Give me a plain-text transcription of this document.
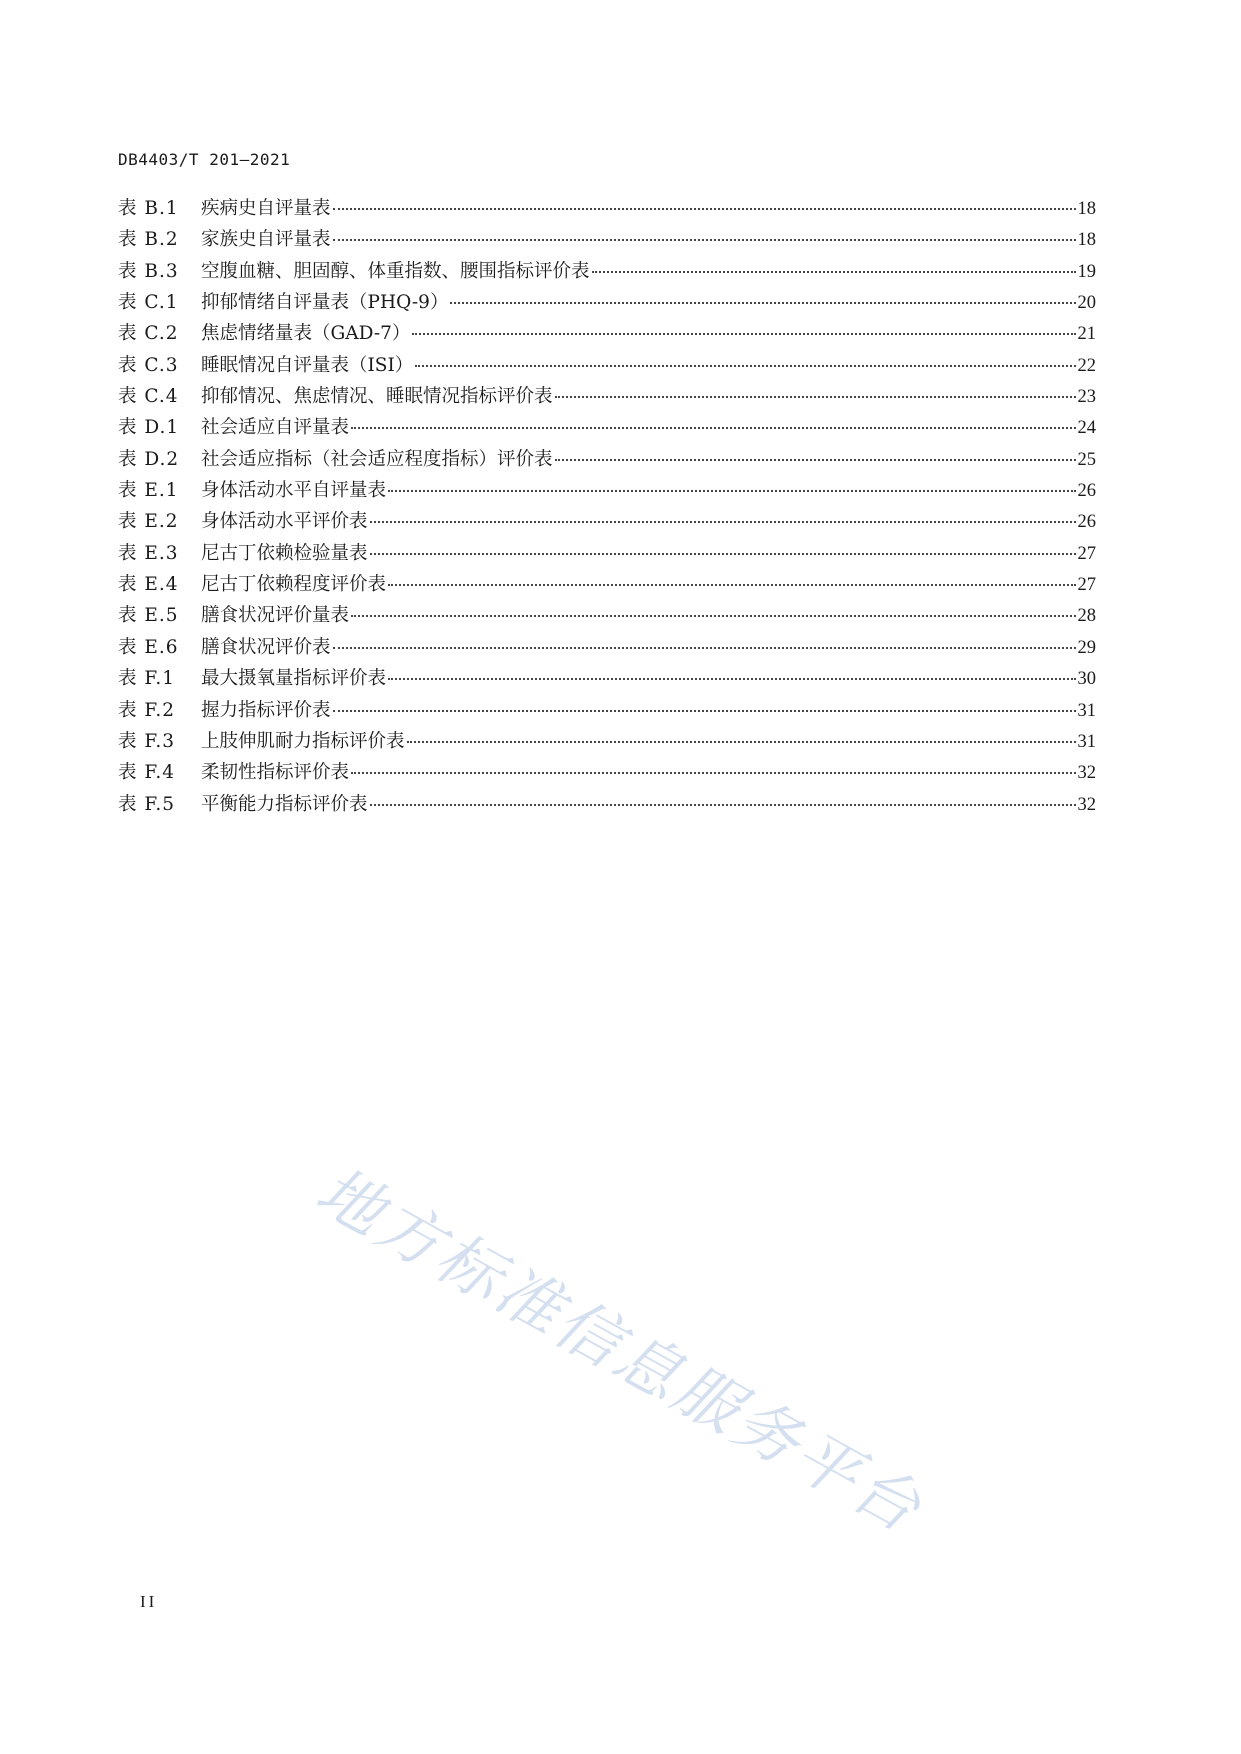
DB4403/T 201—2021
表 B.1	疾病史自评量表	18
表 B.2	家族史自评量表	18
表 B.3	空腹血糖、胆固醇、体重指数、腰围指标评价表	19
表 C.1	抑郁情绪自评量表（PHQ-9）	20
表 C.2	焦虑情绪量表（GAD-7）	21
表 C.3	睡眠情况自评量表（ISI）	22
表 C.4	抑郁情况、焦虑情况、睡眠情况指标评价表	23
表 D.1	社会适应自评量表	24
表 D.2	社会适应指标（社会适应程度指标）评价表	25
表 E.1	身体活动水平自评量表	26
表 E.2	身体活动水平评价表	26
表 E.3	尼古丁依赖检验量表	27
表 E.4	尼古丁依赖程度评价表	27
表 E.5	膳食状况评价量表	28
表 E.6	膳食状况评价表	29
表 F.1	最大摄氧量指标评价表	30
表 F.2	握力指标评价表	31
表 F.3	上肢伸肌耐力指标评价表	31
表 F.4	柔韧性指标评价表	32
表 F.5	平衡能力指标评价表	32
地方标准信息服务平台
II
